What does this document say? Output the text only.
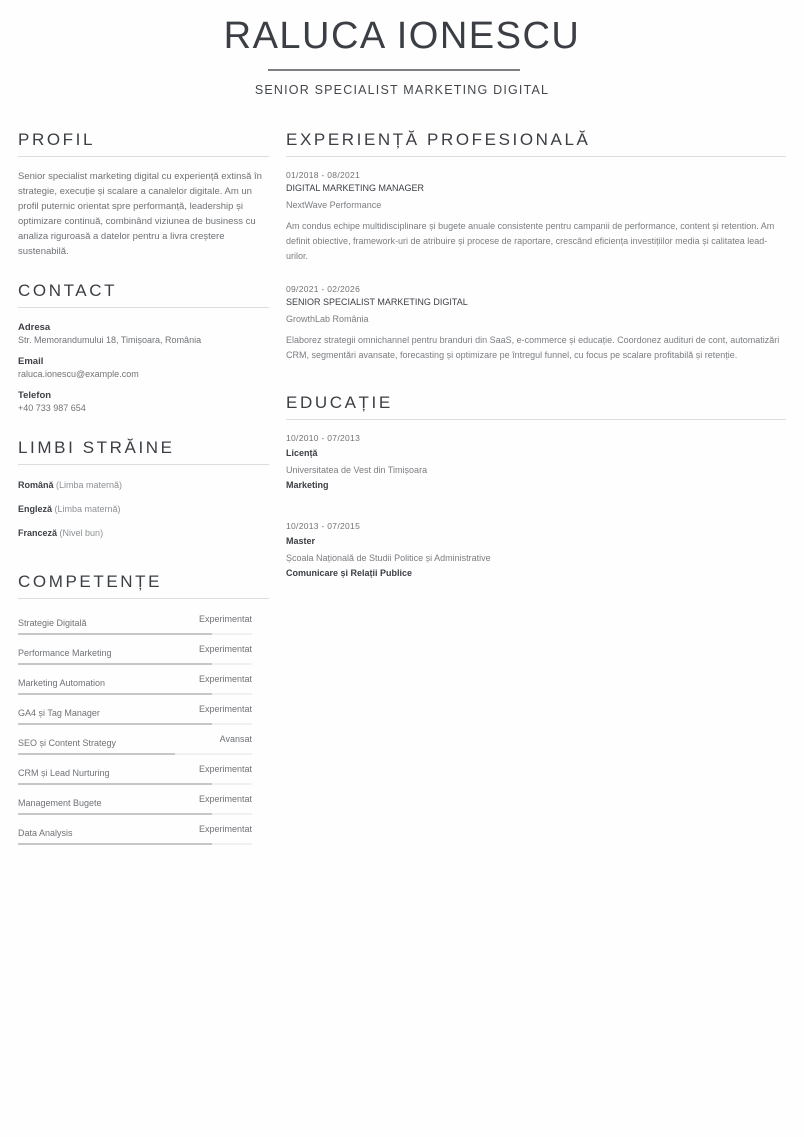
RALUCA IONESCU
SENIOR SPECIALIST MARKETING DIGITAL
PROFIL
Senior specialist marketing digital cu experiență extinsă în strategie, execuție și scalare a canalelor digitale. Am un profil puternic orientat spre performanță, leadership și optimizare continuă, combinând viziunea de business cu analiza riguroasă a datelor pentru a livra creștere sustenabilă.
CONTACT
Adresa
Str. Memorandumului 18, Timișoara, România
Email
raluca.ionescu@example.com
Telefon
+40 733 987 654
LIMBI STRĂINE
Română (Limba maternă)
Engleză (Limba maternă)
Franceză (Nivel bun)
COMPETENȚE
Strategie Digitală	Experimentat
Performance Marketing	Experimentat
Marketing Automation	Experimentat
GA4 și Tag Manager	Experimentat
SEO și Content Strategy	Avansat
CRM și Lead Nurturing	Experimentat
Management Bugete	Experimentat
Data Analysis	Experimentat
EXPERIENȚĂ PROFESIONALĂ
01/2018 - 08/2021
DIGITAL MARKETING MANAGER
NextWave Performance
Am condus echipe multidisciplinare și bugete anuale consistente pentru campanii de performance, content și retention. Am definit obiective, framework-uri de atribuire și procese de raportare, crescând eficiența investițiilor media și calitatea lead-urilor.
09/2021 - 02/2026
SENIOR SPECIALIST MARKETING DIGITAL
GrowthLab România
Elaborez strategii omnichannel pentru branduri din SaaS, e-commerce și educație. Coordonez audituri de cont, automatizări CRM, segmentări avansate, forecasting și optimizare pe întregul funnel, cu focus pe scalare profitabilă și retenție.
EDUCAȚIE
10/2010 - 07/2013
Licență
Universitatea de Vest din Timișoara
Marketing
10/2013 - 07/2015
Master
Școala Națională de Studii Politice și Administrative
Comunicare și Relații Publice
